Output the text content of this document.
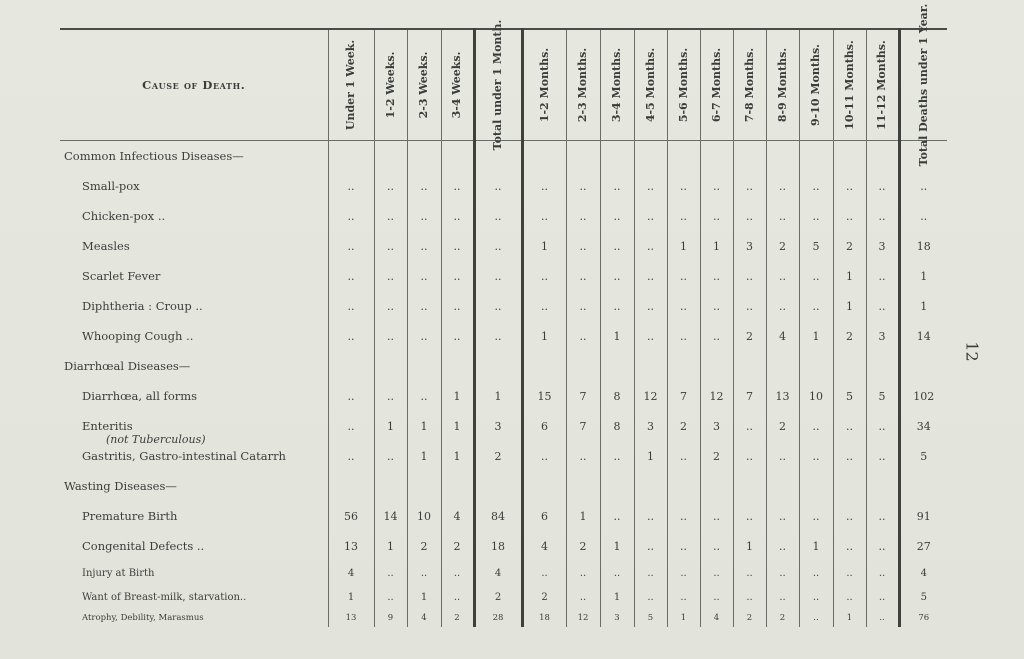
Cause of Death.	Under 1 Week.	1-2 Weeks.	2-3 Weeks.	3-4 Weeks.	Total under 1 Month.	1-2 Months.	2-3 Months.	3-4 Months.	4-5 Months.	5-6 Months.	6-7 Months.	7-8 Months.	8-9 Months.	9-10 Months.	10-11 Months.	11-12 Months.	Total Deaths under 1 Year.

Common Infectious Diseases—																	
Small-pox	..	..	..	..	..	..	..	..	..	..	..	..	..	..	..	..	..
Chicken-pox ..	..	..	..	..	..	..	..	..	..	..	..	..	..	..	..	..	..
Measles	..	..	..	..	..	1	..	..	..	1	1	3	2	5	2	3	18
Scarlet Fever	..	..	..	..	..	..	..	..	..	..	..	..	..	..	1	..	1
Diphtheria : Croup ..	..	..	..	..	..	..	..	..	..	..	..	..	..	..	1	..	1
Whooping Cough ..	..	..	..	..	..	1	..	1	..	..	..	2	4	1	2	3	14
Diarrhœal Diseases—																	
Diarrhœa, all forms	..	..	..	1	1	15	7	8	12	7	12	7	13	10	5	5	102
Enteritis
(not Tuberculous)	..	1	1	1	3	6	7	8	3	2	3	..	2	..	..	..	34
Gastritis, Gastro-intestinal Catarrh	..	..	1	1	2	..	..	..	1	..	2	..	..	..	..	..	5
Wasting Diseases—																	
Premature Birth	56	14	10	4	84	6	1	..	..	..	..	..	..	..	..	..	91
Congenital Defects ..	13	1	2	2	18	4	2	1	..	..	..	1	..	1	..	..	27
Injury at Birth	4	..	..	..	4	..	..	..	..	..	..	..	..	..	..	..	4
Want of Breast-milk, starvation..	1	..	1	..	2	2	..	1	..	..	..	..	..	..	..	..	5
Atrophy, Debility, Marasmus	13	9	4	2	28	18	12	3	5	1	4	2	2	..	1	..	76
12
